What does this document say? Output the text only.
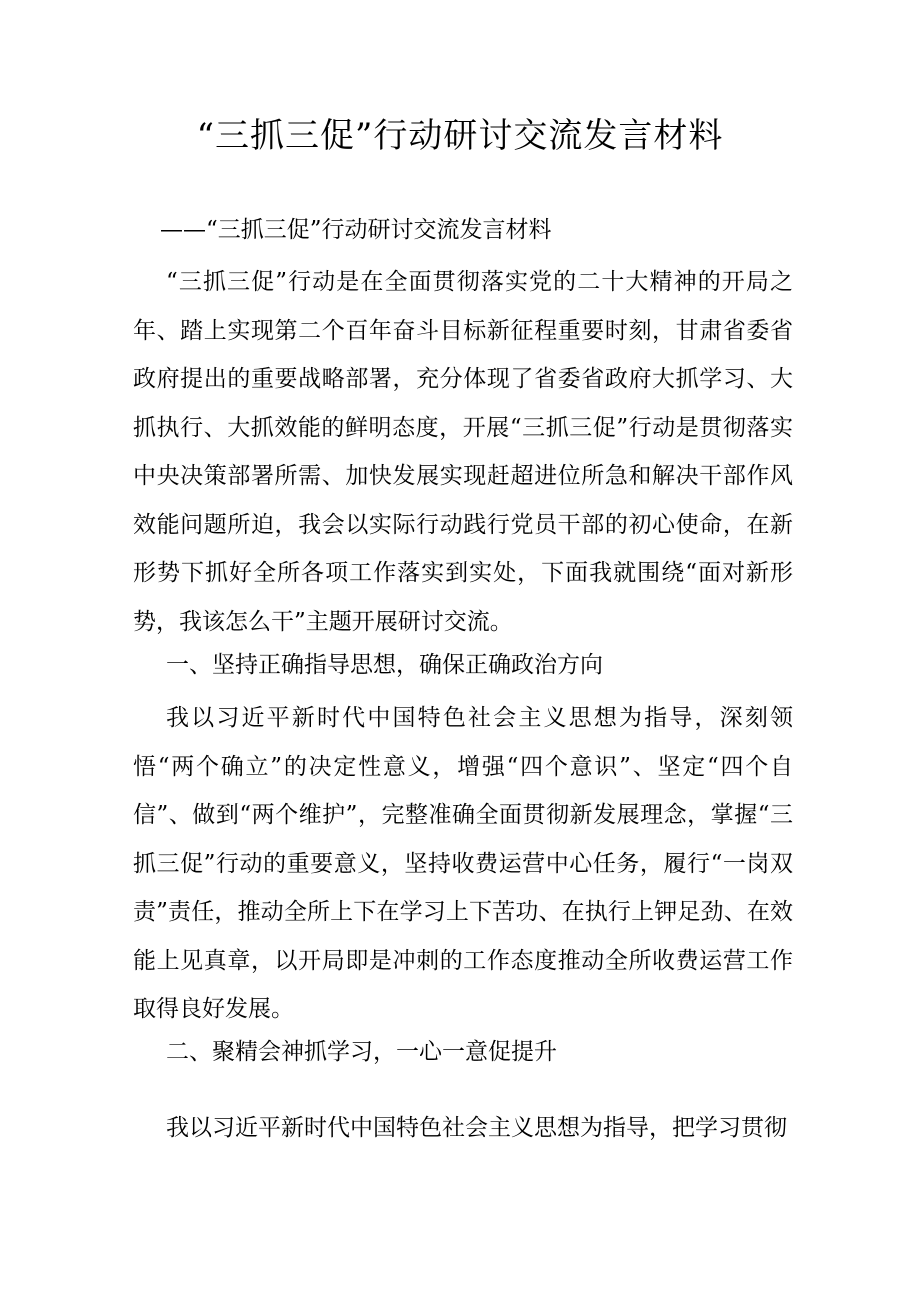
“三抓三促”行动研讨交流发言材料

——“三抓三促”行动研讨交流发言材料

“三抓三促”行动是在全面贯彻落实党的二十大精神的开局之年、踏上实现第二个百年奋斗目标新征程重要时刻，甘肃省委省政府提出的重要战略部署，充分体现了省委省政府大抓学习、大抓执行、大抓效能的鲜明态度，开展“三抓三促”行动是贯彻落实中央决策部署所需、加快发展实现赶超进位所急和解决干部作风效能问题所迫，我会以实际行动践行党员干部的初心使命，在新形势下抓好全所各项工作落实到实处，下面我就围绕“面对新形势，我该怎么干”主题开展研讨交流。

一、坚持正确指导思想，确保正确政治方向

我以习近平新时代中国特色社会主义思想为指导，深刻领悟“两个确立”的决定性意义，增强“四个意识”、坚定“四个自信”、做到“两个维护”，完整准确全面贯彻新发展理念，掌握“三抓三促”行动的重要意义，坚持收费运营中心任务，履行“一岗双责”责任，推动全所上下在学习上下苦功、在执行上钾足劲、在效能上见真章，以开局即是冲刺的工作态度推动全所收费运营工作取得良好发展。

二、聚精会神抓学习，一心一意促提升

我以习近平新时代中国特色社会主义思想为指导，把学习贯彻
